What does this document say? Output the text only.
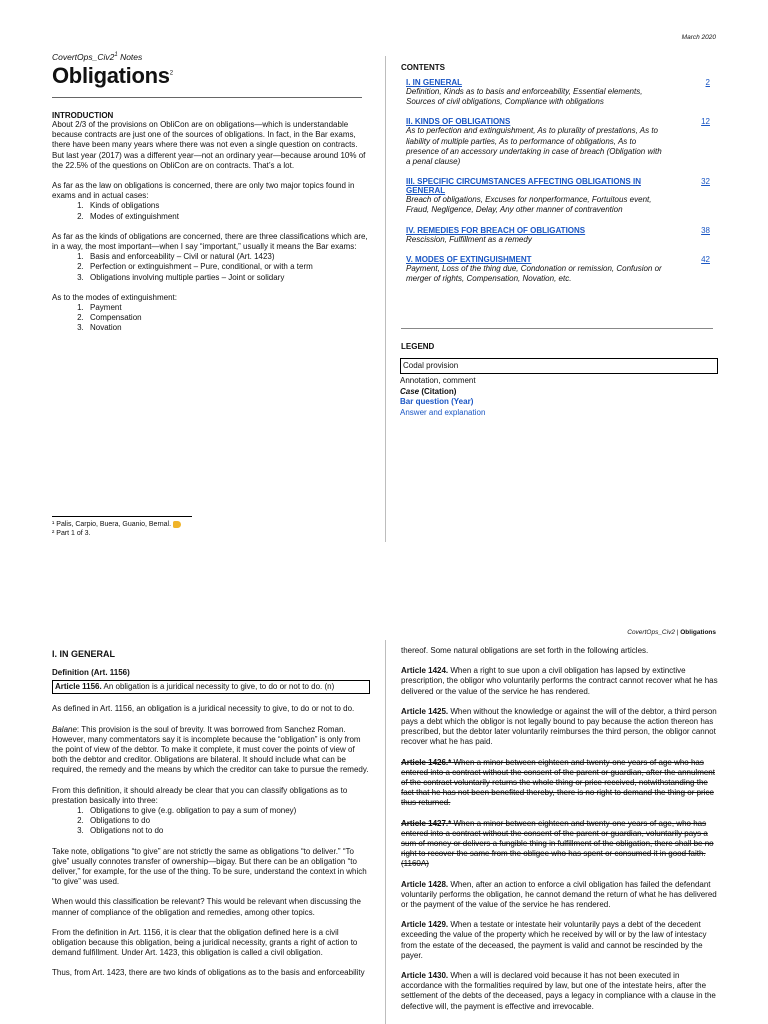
March 2020
$CovertOps\_Civ2^1$ Notes
Obligations$^2$
INTRODUCTION

About 2/3 of the provisions on ObliCon are on obligations—which is understandable because contracts are just one of the sources of obligations. In fact, in the Bar exams, there have been many years where there was not even a single question on contracts. But last year (2017) was a different year—not an ordinary year—because around 10% of the 22.5% of the questions on ObliCon are on contracts. That’s a lot.

As far as the law on obligations is concerned, there are only two major topics found in exams and in actual cases:

1. Kinds of obligations
2. Modes of extinguishment

As far as the kinds of obligations are concerned, there are three classifications which are, in a way, the most important—when I say “important,” usually it means the Bar exams:

1. Basis and enforceability – Civil or natural (Art. 1423)
2. Perfection or extinguishment – Pure, conditional, or with a term
3. Obligations involving multiple parties – Joint or solidary

As to the modes of extinguishment:

1. Payment
2. Compensation
3. Novation
¹ Palis, Carpio, Buera, Guanio, Bernal.
² Part 1 of 3.
CONTENTS
I. IN GENERAL	2
Definition, Kinds as to basis and enforceability, Essential elements, Sources of civil obligations, Compliance with obligations
II. KINDS OF OBLIGATIONS	12
As to perfection and extinguishment, As to plurality of prestations, As to liability of multiple parties, As to performance of obligations, As to presence of an accessory undertaking in case of breach (Obligation with a penal clause)
III. SPECIFIC CIRCUMSTANCES AFFECTING OBLIGATIONS IN GENERAL
32
Breach of obligations, Excuses for nonperformance, Fortuitous event, Fraud, Negligence, Delay, Any other manner of contravention
IV. REMEDIES FOR BREACH OF OBLIGATIONS	38
Rescission, Fulfillment as a remedy
V. MODES OF EXTINGUISHMENT	42
Payment, Loss of the thing due, Condonation or remission, Confusion or merger of rights, Compensation, Novation, etc.
LEGEND
Codal provision
Annotation, comment
Case (Citation)
Bar question (Year)
Answer and explanation
CovertOps_Civ2 | Obligations
I. IN GENERAL
Definition (Art. 1156)
Article 1156. An obligation is a juridical necessity to give, to do or not to do. (n)

As defined in Art. 1156, an obligation is a juridical necessity to give, to do or not to do.

Balane: This provision is the soul of brevity. It was borrowed from Sanchez Roman. However, many commentators say it is incomplete because the “obligation” is only from the point of view of the debtor. To make it complete, it must cover the points of view of both the debtor and creditor. Obligations are bilateral. It should include what can be required, the remedy and the means by which the creditor can take to pursue the remedy.

From this definition, it should already be clear that you can classify obligations as to prestation basically into three:

1. Obligations to give (e.g. obligation to pay a sum of money)
2. Obligations to do
3. Obligations not to do

Take note, obligations “to give” are not strictly the same as obligations “to deliver.” “To give” usually connotes transfer of ownership—bigay. But there can be an obligation “to deliver,” for example, for the use of the thing. To be sure, understand the context in which “to give” was used.

When would this classification be relevant? This would be relevant when discussing the manner of compliance of the obligation and remedies, among other topics.

From the definition in Art. 1156, it is clear that the obligation defined here is a civil obligation because this obligation, being a juridical necessity, grants a right of action to demand fulfillment. Under Art. 1423, this obligation is called a civil obligation.

Thus, from Art. 1423, there are two kinds of obligations as to the basis and enforceability

thereof. Some natural obligations are set forth in the following articles.

Article 1424. When a right to sue upon a civil obligation has lapsed by extinctive prescription, the obligor who voluntarily performs the contract cannot recover what he has delivered or the value of the service he has rendered.

Article 1425. When without the knowledge or against the will of the debtor, a third person pays a debt which the obligor is not legally bound to pay because the action thereon has prescribed, but the debtor later voluntarily reimburses the third person, the obligor cannot recover what he has paid.

Article 1426.* When a minor between eighteen and twenty-one years of age who has entered into a contract without the consent of the parent or guardian, after the annulment of the contract voluntarily returns the whole thing or price received, notwithstanding the fact that he has not been benefited thereby, there is no right to demand the thing or price thus returned.

Article 1427.* When a minor between eighteen and twenty-one years of age, who has entered into a contract without the consent of the parent or guardian, voluntarily pays a sum of money or delivers a fungible thing in fulfillment of the obligation, there shall be no right to recover the same from the obligee who has spent or consumed it in good faith. (1160A)

Article 1428. When, after an action to enforce a civil obligation has failed the defendant voluntarily performs the obligation, he cannot demand the return of what he has delivered or the payment of the value of the service he has rendered.

Article 1429. When a testate or intestate heir voluntarily pays a debt of the decedent exceeding the value of the property which he received by will or by the law of intestacy from the estate of the deceased, the payment is valid and cannot be rescinded by the payer.

Article 1430. When a will is declared void because it has not been executed in accordance with the formalities required by law, but one of the intestate heirs, after the settlement of the debts of the deceased, pays a legacy in compliance with a clause in the defective will, the payment is effective and irrevocable.
